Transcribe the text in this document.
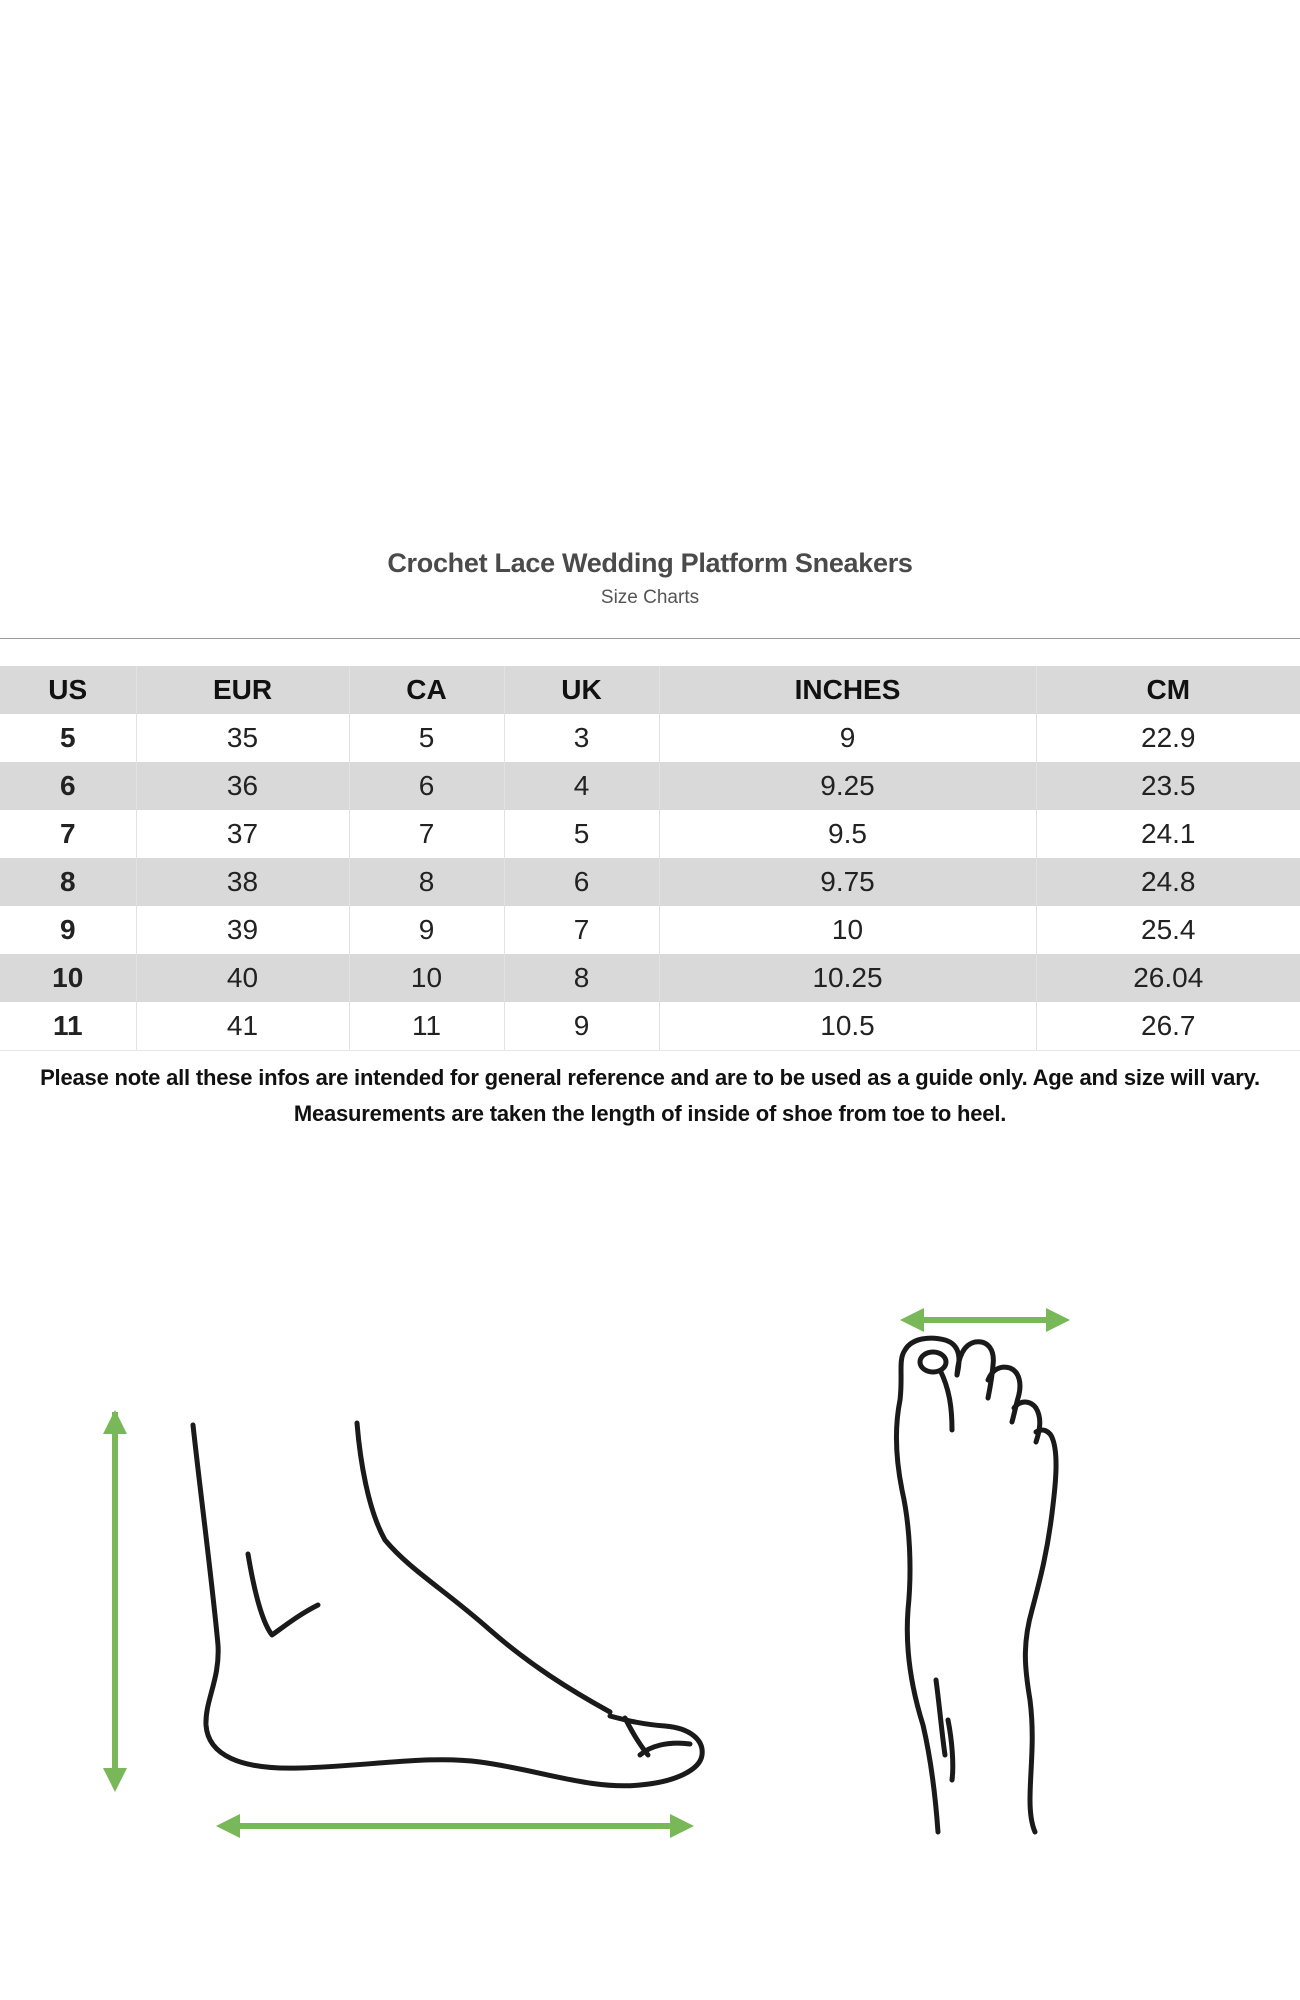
Crochet Lace Wedding Platform Sneakers
Size Charts
US	EUR	CA	UK	INCHES	CM
5	35	5	3	9	22.9
6	36	6	4	9.25	23.5
7	37	7	5	9.5	24.1
8	38	8	6	9.75	24.8
9	39	9	7	10	25.4
10	40	10	8	10.25	26.04
11	41	11	9	10.5	26.7
Please note all these infos are intended for general reference and are to be used as a guide only. Age and size will vary.
Measurements are taken the length of inside of shoe from toe to heel.
